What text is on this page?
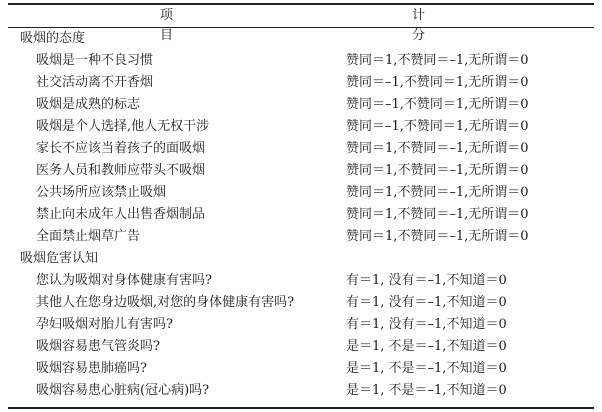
项 目
计 分
吸烟的态度
吸烟是一种不良习惯	赞同＝1,不赞同＝–1,无所谓＝0
社交活动离不开香烟	赞同＝–1,不赞同＝1,无所谓＝0
吸烟是成熟的标志	赞同＝–1,不赞同＝1,无所谓＝0
吸烟是个人选择,他人无权干涉	赞同＝–1,不赞同＝1,无所谓＝0
家长不应该当着孩子的面吸烟	赞同＝1,不赞同＝–1,无所谓＝0
医务人员和教师应带头不吸烟	赞同＝1,不赞同＝–1,无所谓＝0
公共场所应该禁止吸烟	赞同＝1,不赞同＝–1,无所谓＝0
禁止向未成年人出售香烟制品	赞同＝1,不赞同＝–1,无所谓＝0
全面禁止烟草广告	赞同＝1,不赞同＝–1,无所谓＝0
吸烟危害认知
您认为吸烟对身体健康有害吗?	有＝1, 没有＝–1,不知道＝0
其他人在您身边吸烟,对您的身体健康有害吗?	有＝1, 没有＝–1,不知道＝0
孕妇吸烟对胎儿有害吗?	有＝1, 没有＝–1,不知道＝0
吸烟容易患气管炎吗?	是＝1, 不是＝–1,不知道＝0
吸烟容易患肺癌吗?	是＝1, 不是＝–1,不知道＝0
吸烟容易患心脏病(冠心病)吗?	是＝1, 不是＝–1,不知道＝0
